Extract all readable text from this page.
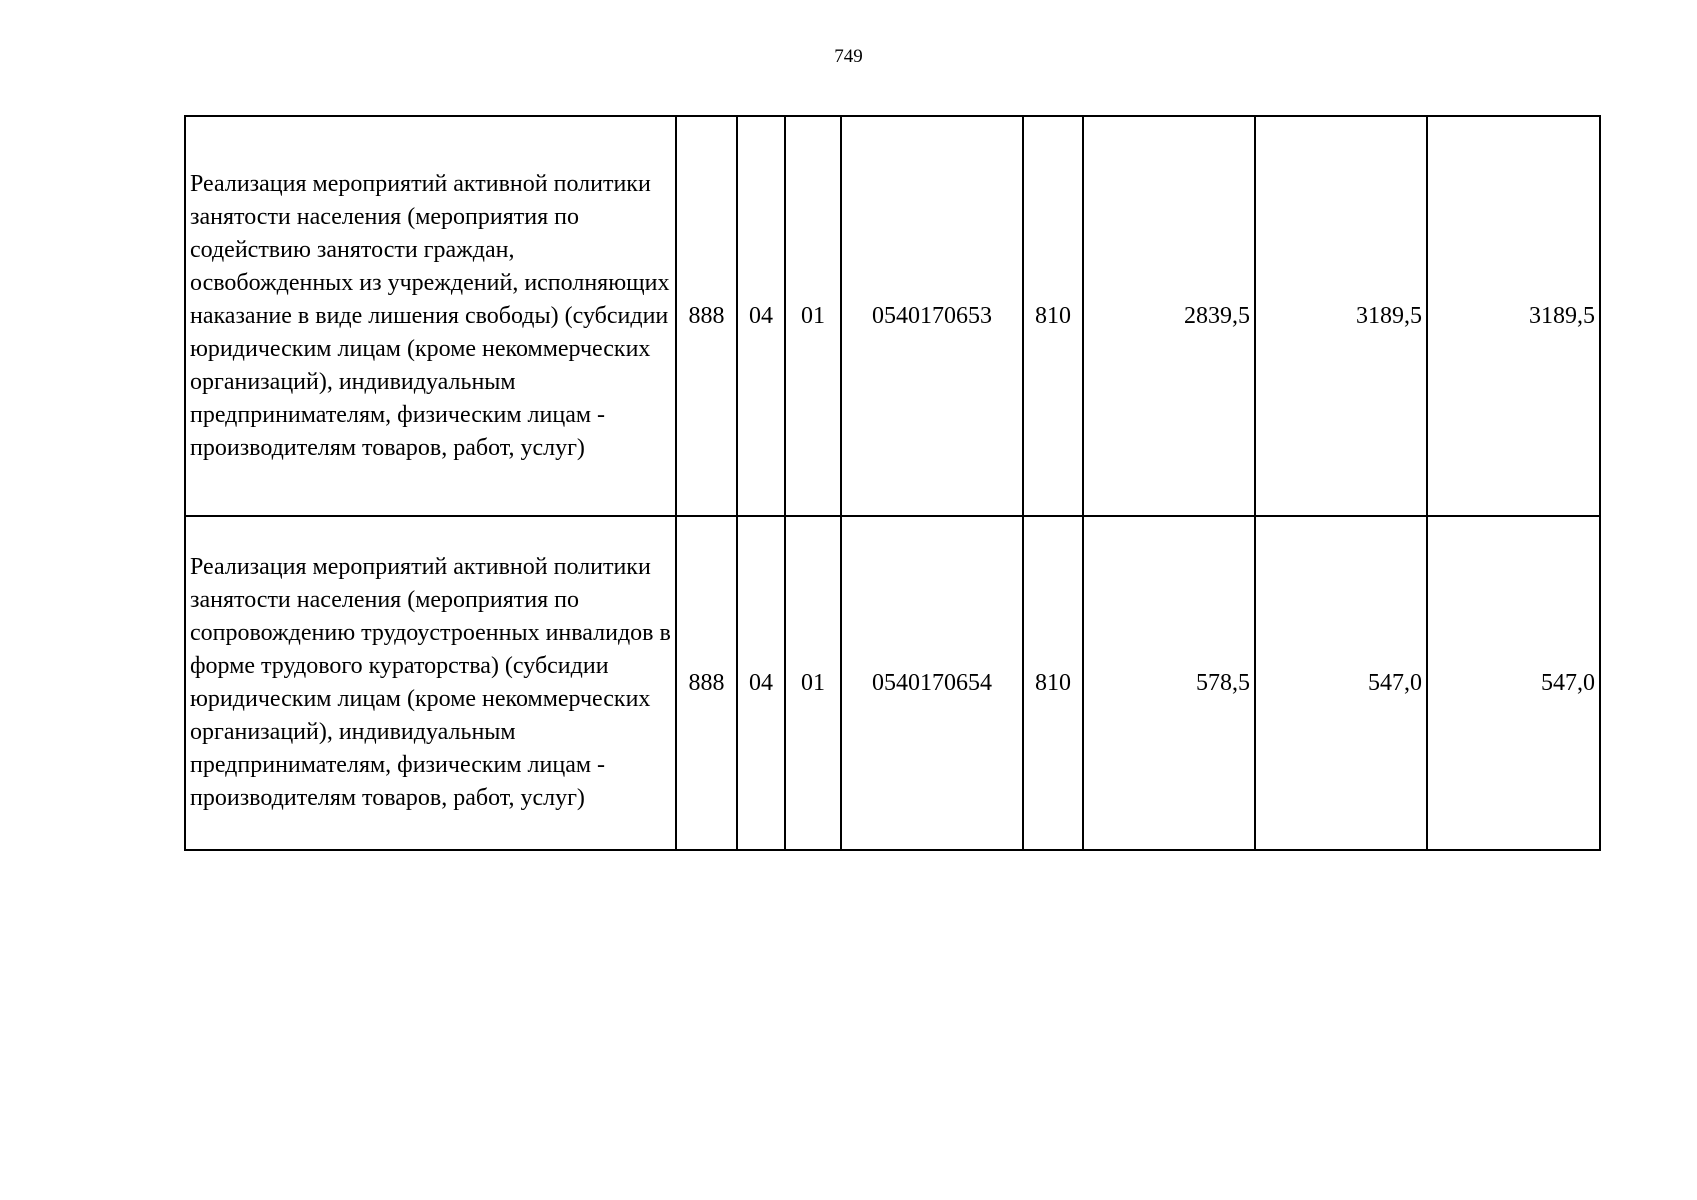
749
Реализация мероприятий активной политики занятости населения (мероприятия по содействию занятости граждан, освобожденных из учреждений, исполняющих наказание в виде лишения свободы) (субсидии юридическим лицам (кроме некоммерческих организаций), индивидуальным предпринимателям, физическим лицам - производителям товаров, работ, услуг)	888	04	01	0540170653	810	2839,5	3189,5	3189,5
Реализация мероприятий активной политики занятости населения (мероприятия по сопровождению трудоустроенных инвалидов в форме трудового кураторства) (субсидии юридическим лицам (кроме некоммерческих организаций), индивидуальным предпринимателям, физическим лицам - производителям товаров, работ, услуг)	888	04	01	0540170654	810	578,5	547,0	547,0
